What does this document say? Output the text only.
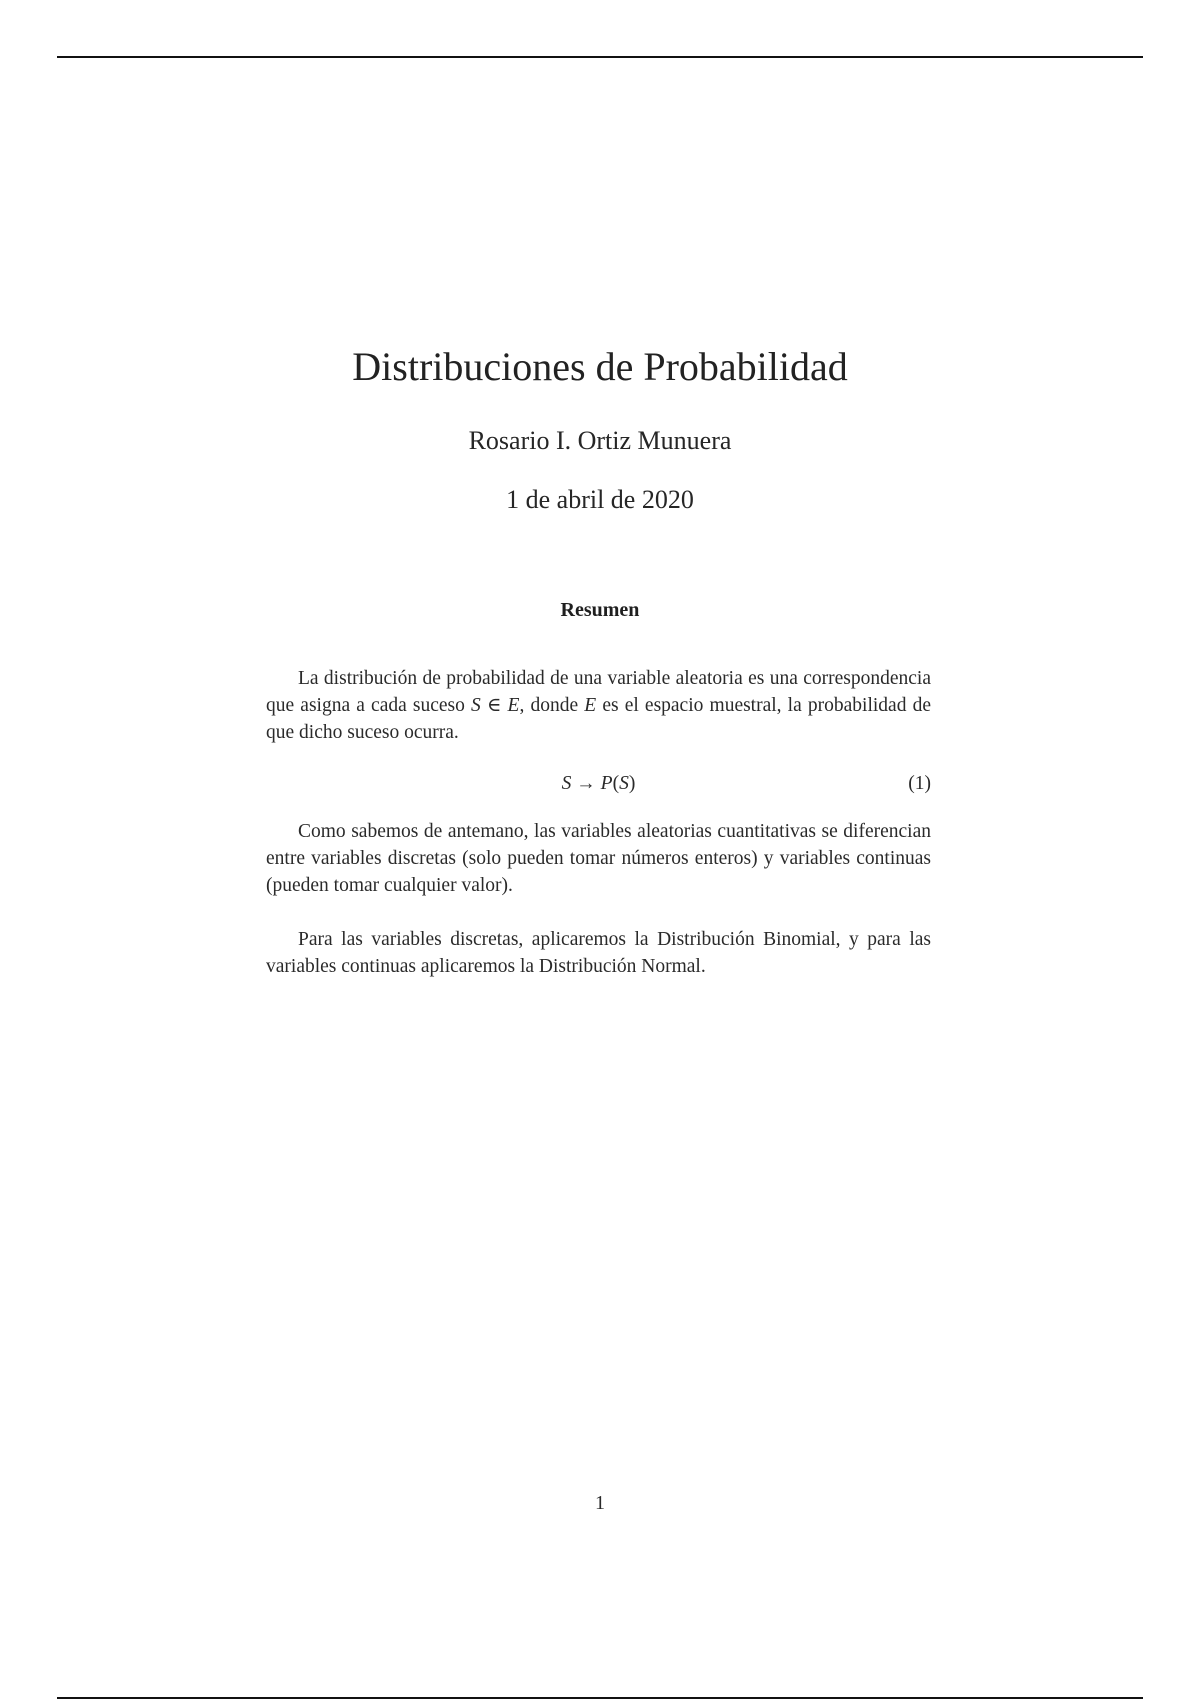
Distribuciones de Probabilidad
Rosario I. Ortiz Munuera
1 de abril de 2020
Resumen

La distribución de probabilidad de una variable aleatoria es una correspondencia que asigna a cada suceso S ∈ E, donde E es el espacio muestral, la probabilidad de que dicho suceso ocurra.

S → P(S)	(1)

Como sabemos de antemano, las variables aleatorias cuantitativas se diferencian entre variables discretas (solo pueden tomar números enteros) y variables continuas (pueden tomar cualquier valor).

Para las variables discretas, aplicaremos la Distribución Binomial, y para las variables continuas aplicaremos la Distribución Normal.

1
